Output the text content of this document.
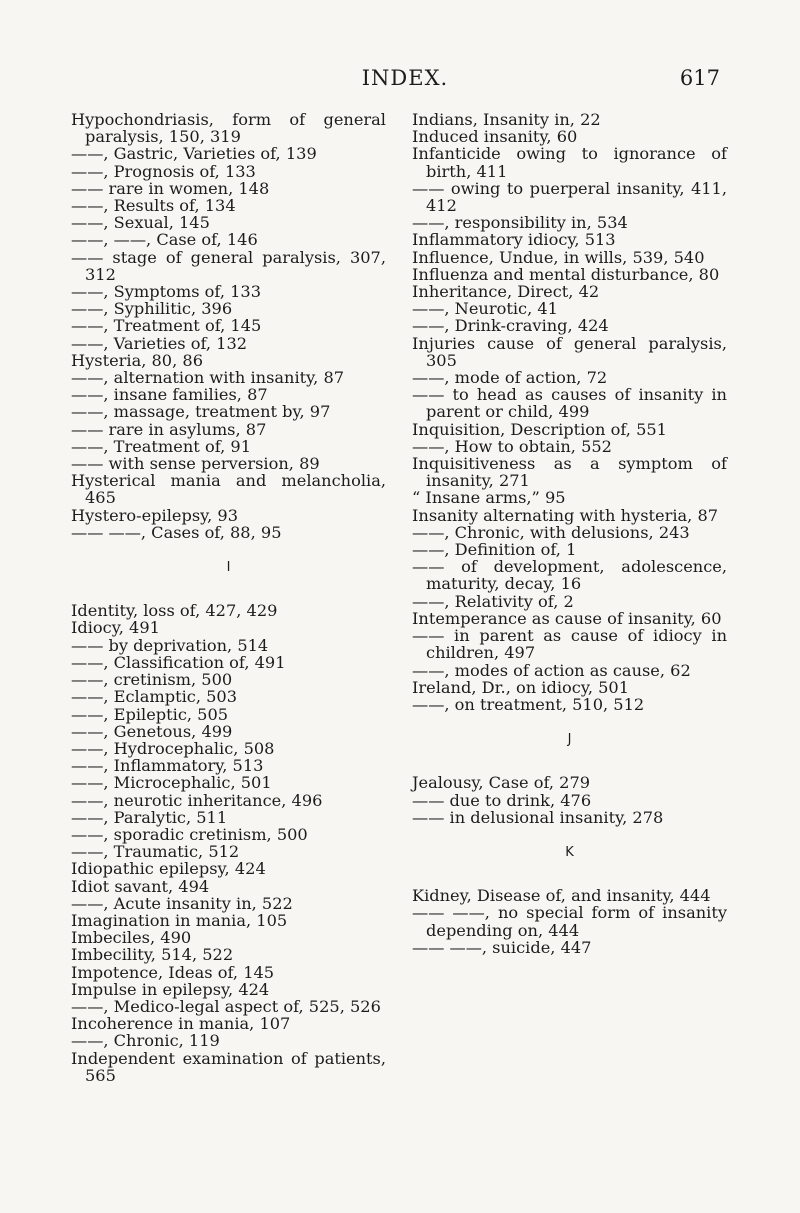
INDEX.	617
Hypochondriasis, form of general paralysis, 150, 319
——, Gastric, Varieties of, 139
——, Prognosis of, 133
—— rare in women, 148
——, Results of, 134
——, Sexual, 145
——, ——, Case of, 146
—— stage of general paralysis, 307, 312
——, Symptoms of, 133
——, Syphilitic, 396
——, Treatment of, 145
——, Varieties of, 132
Hysteria, 80, 86
——, alternation with insanity, 87
——, insane families, 87
——, massage, treatment by, 97
—— rare in asylums, 87
——, Treatment of, 91
—— with sense perversion, 89
Hysterical mania and melancholia, 465
Hystero-epilepsy, 93
—— ——, Cases of, 88, 95
I
Identity, loss of, 427, 429
Idiocy, 491
—— by deprivation, 514
——, Classification of, 491
——, cretinism, 500
——, Eclamptic, 503
——, Epileptic, 505
——, Genetous, 499
——, Hydrocephalic, 508
——, Inflammatory, 513
——, Microcephalic, 501
——, neurotic inheritance, 496
——, Paralytic, 511
——, sporadic cretinism, 500
——, Traumatic, 512
Idiopathic epilepsy, 424
Idiot savant, 494
——, Acute insanity in, 522
Imagination in mania, 105
Imbeciles, 490
Imbecility, 514, 522
Impotence, Ideas of, 145
Impulse in epilepsy, 424
——, Medico-legal aspect of, 525, 526
Incoherence in mania, 107
——, Chronic, 119
Independent examination of patients, 565
Indians, Insanity in, 22
Induced insanity, 60
Infanticide owing to ignorance of birth, 411
—— owing to puerperal insanity, 411, 412
——, responsibility in, 534
Inflammatory idiocy, 513
Influence, Undue, in wills, 539, 540
Influenza and mental disturbance, 80
Inheritance, Direct, 42
——, Neurotic, 41
——, Drink-craving, 424
Injuries cause of general paralysis, 305
——, mode of action, 72
—— to head as causes of insanity in parent or child, 499
Inquisition, Description of, 551
——, How to obtain, 552
Inquisitiveness as a symptom of insanity, 271
“ Insane arms,” 95
Insanity alternating with hysteria, 87
——, Chronic, with delusions, 243
——, Definition of, 1
—— of development, adolescence, maturity, decay, 16
——, Relativity of, 2
Intemperance as cause of insanity, 60
—— in parent as cause of idiocy in children, 497
——, modes of action as cause, 62
Ireland, Dr., on idiocy, 501
——, on treatment, 510, 512
J
Jealousy, Case of, 279
—— due to drink, 476
—— in delusional insanity, 278
K
Kidney, Disease of, and insanity, 444
—— ——, no special form of insanity depending on, 444
—— ——, suicide, 447
